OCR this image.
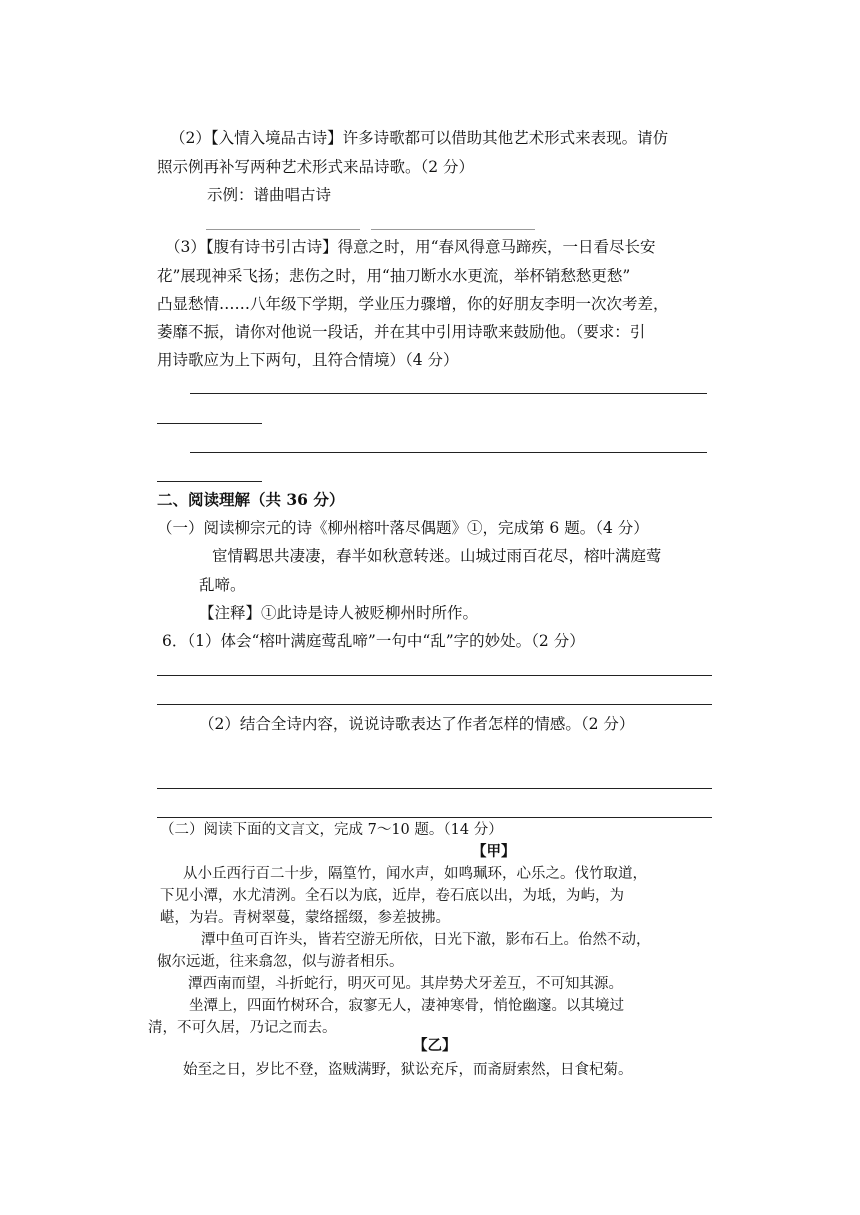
（2）【入情入境品古诗】许多诗歌都可以借助其他艺术形式来表现。请仿
照示例再补写两种艺术形式来品诗歌。（2 分）
示例：谱曲唱古诗
（3）【腹有诗书引古诗】得意之时，用“春风得意马蹄疾，一日看尽长安
花”展现神采飞扬；悲伤之时，用“抽刀断水水更流，举杯销愁愁更愁”
凸显愁情……八年级下学期，学业压力骤增，你的好朋友李明一次次考差，
萎靡不振，请你对他说一段话，并在其中引用诗歌来鼓励他。（要求：引
用诗歌应为上下两句，且符合情境）（4 分）
二、阅读理解（共 36 分）
（一）阅读柳宗元的诗《柳州榕叶落尽偶题》①，完成第 6 题。（4 分）
宦情羁思共凄凄，春半如秋意转迷。山城过雨百花尽，榕叶满庭莺
乱啼。
【注释】①此诗是诗人被贬柳州时所作。
6．（1）体会“榕叶满庭莺乱啼”一句中“乱”字的妙处。（2 分）
（2）结合全诗内容，说说诗歌表达了作者怎样的情感。（2 分）
（二）阅读下面的文言文，完成 7～10 题。（14 分）
【甲】
从小丘西行百二十步，隔篁竹，闻水声，如鸣珮环，心乐之。伐竹取道，
下见小潭，水尤清洌。全石以为底，近岸，卷石底以出，为坻，为屿，为
嵁，为岩。青树翠蔓，蒙络摇缀，参差披拂。
潭中鱼可百许头，皆若空游无所依，日光下澈，影布石上。佁然不动，
俶尔远逝，往来翕忽，似与游者相乐。
潭西南而望，斗折蛇行，明灭可见。其岸势犬牙差互，不可知其源。
坐潭上，四面竹树环合，寂寥无人，凄神寒骨，悄怆幽邃。以其境过
清，不可久居，乃记之而去。
【乙】
始至之日，岁比不登，盗贼满野，狱讼充斥，而斋厨索然，日食杞菊。
